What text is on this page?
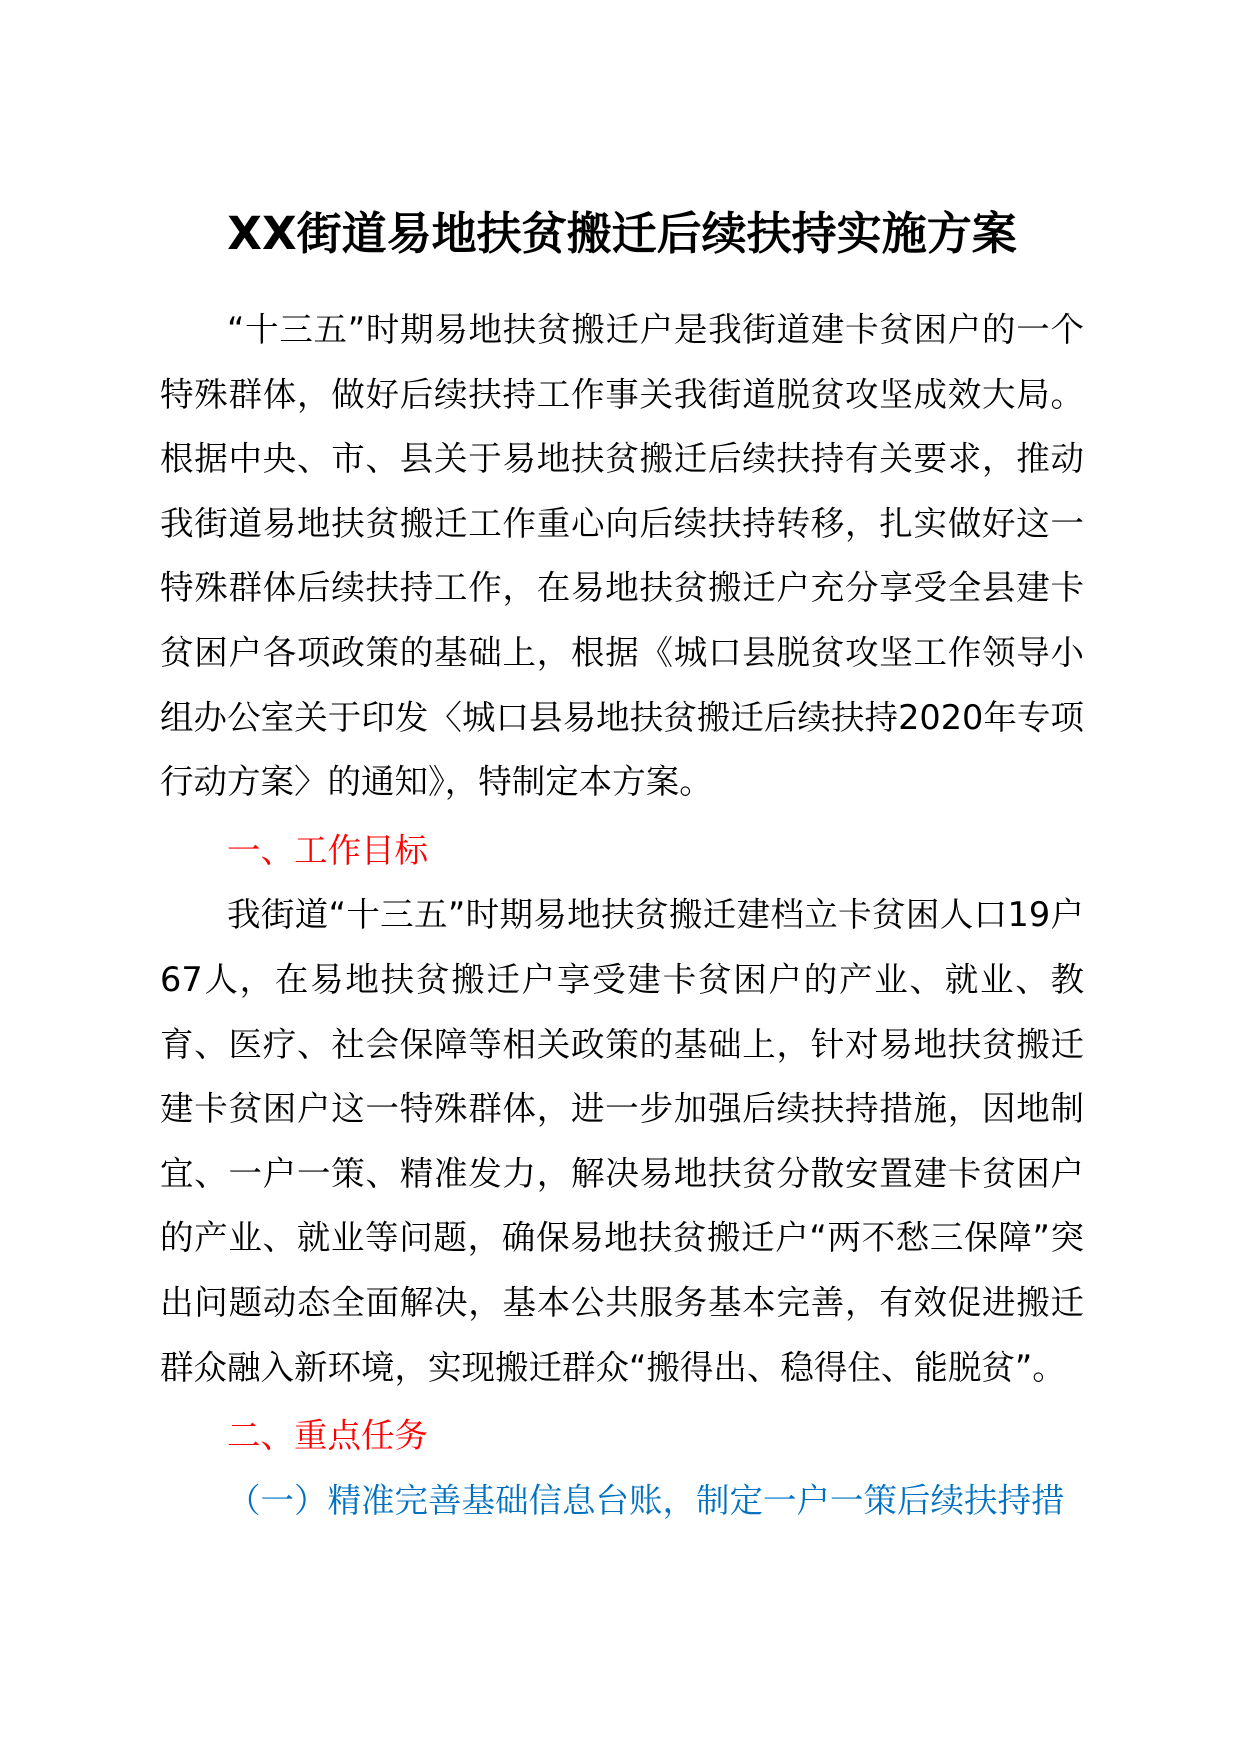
XX街道易地扶贫搬迁后续扶持实施方案

“十三五”时期易地扶贫搬迁户是我街道建卡贫困户的一个特殊群体，做好后续扶持工作事关我街道脱贫攻坚成效大局。根据中央、市、县关于易地扶贫搬迁后续扶持有关要求，推动我街道易地扶贫搬迁工作重心向后续扶持转移，扎实做好这一特殊群体后续扶持工作，在易地扶贫搬迁户充分享受全县建卡贫困户各项政策的基础上，根据《城口县脱贫攻坚工作领导小组办公室关于印发〈城口县易地扶贫搬迁后续扶持2020年专项行动方案〉的通知》，特制定本方案。

一、工作目标

我街道“十三五”时期易地扶贫搬迁建档立卡贫困人口19户67人，在易地扶贫搬迁户享受建卡贫困户的产业、就业、教育、医疗、社会保障等相关政策的基础上，针对易地扶贫搬迁建卡贫困户这一特殊群体，进一步加强后续扶持措施，因地制宜、一户一策、精准发力，解决易地扶贫分散安置建卡贫困户的产业、就业等问题，确保易地扶贫搬迁户“两不愁三保障”突出问题动态全面解决，基本公共服务基本完善，有效促进搬迁群众融入新环境，实现搬迁群众“搬得出、稳得住、能脱贫”。

二、重点任务

（一）精准完善基础信息台账，制定一户一策后续扶持措
